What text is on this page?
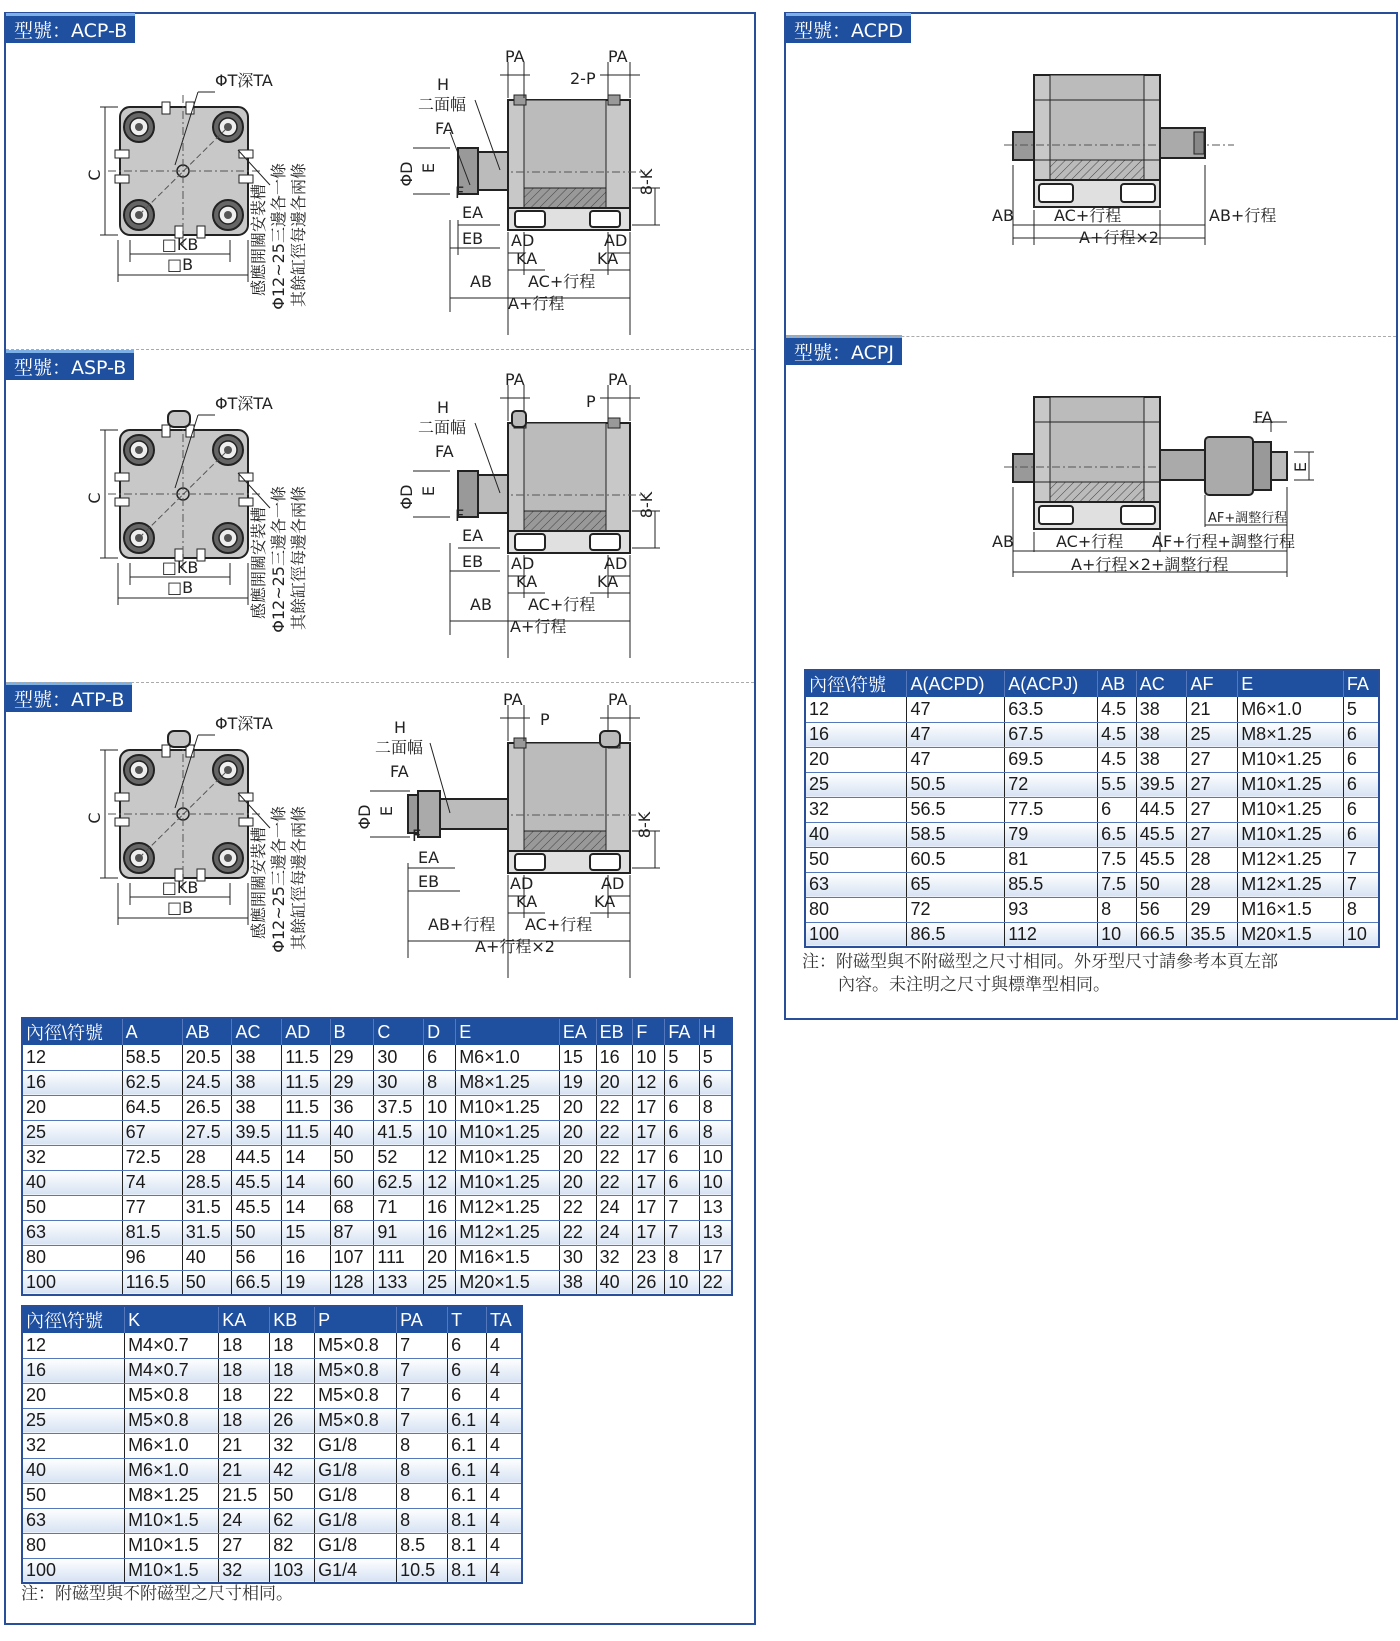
型號：ACP-B
型號：ASP-B
型號：ATP-B
型號：ACPD
型號：ACPJ
ΦT深TA
C
□KB
□B	感應開關安裝槽 Φ12~25三邊各一條 其餘缸徑每邊各兩條
PA	PA
2-P
H
二面幅
FA
ΦD E
F
EA
EB AD	AD
KA	KA
8-K
AB AC+行程
A+行程
ΦT深TA
C
□KB
□B	感應開關安裝槽 Φ12~25三邊各一條 其餘缸徑每邊各兩條
PA	PA
P
H
二面幅
FA
ΦD E
F
EA
EB AD	AD
KA	KA
8-K
AB AC+行程
A+行程
ΦT深TA
C
□KB
□B	感應開關安裝槽 Φ12~25三邊各一條 其餘缸徑每邊各兩條
PA	PA
P
H
二面幅
FA
ΦD E
F
EA
EB	AD	AD
KA	KA
8-K
AB+行程 AC+行程
A+行程×2
AB	AC+行程	AB+行程
A+行程×2
FA
E
AF+調整行程
AB	AC+行程 AF+行程+調整行程
A+行程×2+調整行程
內徑\符號	A	AB	AC	AD	B	C	D	E	EA	EB	F	FA	H
12	58.5	20.5	38	11.5	29	30	6	M6×1.0	15	16	10	5	5
16	62.5	24.5	38	11.5	29	30	8	M8×1.25	19	20	12	6	6
20	64.5	26.5	38	11.5	36	37.5	10	M10×1.25	20	22	17	6	8
25	67	27.5	39.5	11.5	40	41.5	10	M10×1.25	20	22	17	6	8
32	72.5	28	44.5	14	50	52	12	M10×1.25	20	22	17	6	10
40	74	28.5	45.5	14	60	62.5	12	M10×1.25	20	22	17	6	10
50	77	31.5	45.5	14	68	71	16	M12×1.25	22	24	17	7	13
63	81.5	31.5	50	15	87	91	16	M12×1.25	22	24	17	7	13
80	96	40	56	16	107	111	20	M16×1.5	30	32	23	8	17
100	116.5	50	66.5	19	128	133	25	M20×1.5	38	40	26	10	22
內徑\符號	K	KA	KB	P	PA	T	TA
12	M4×0.7	18	18	M5×0.8	7	6	4
16	M4×0.7	18	18	M5×0.8	7	6	4
20	M5×0.8	18	22	M5×0.8	7	6	4
25	M5×0.8	18	26	M5×0.8	7	6.1	4
32	M6×1.0	21	32	G1/8	8	6.1	4
40	M6×1.0	21	42	G1/8	8	6.1	4
50	M8×1.25	21.5	50	G1/8	8	6.1	4
63	M10×1.5	24	62	G1/8	8	8.1	4
80	M10×1.5	27	82	G1/8	8.5	8.1	4
100	M10×1.5	32	103	G1/4	10.5	8.1	4
注：附磁型與不附磁型之尺寸相同。
內徑\符號	A(ACPD)	A(ACPJ)	AB	AC	AF	E	FA
12	47	63.5	4.5	38	21	M6×1.0	5
16	47	67.5	4.5	38	25	M8×1.25	6
20	47	69.5	4.5	38	27	M10×1.25	6
25	50.5	72	5.5	39.5	27	M10×1.25	6
32	56.5	77.5	6	44.5	27	M10×1.25	6
40	58.5	79	6.5	45.5	27	M10×1.25	6
50	60.5	81	7.5	45.5	28	M12×1.25	7
63	65	85.5	7.5	50	28	M12×1.25	7
80	72	93	8	56	29	M16×1.5	8
100	86.5	112	10	66.5	35.5	M20×1.5	10
注：附磁型與不附磁型之尺寸相同。外牙型尺寸請參考本頁左部
內容。未注明之尺寸與標準型相同。
